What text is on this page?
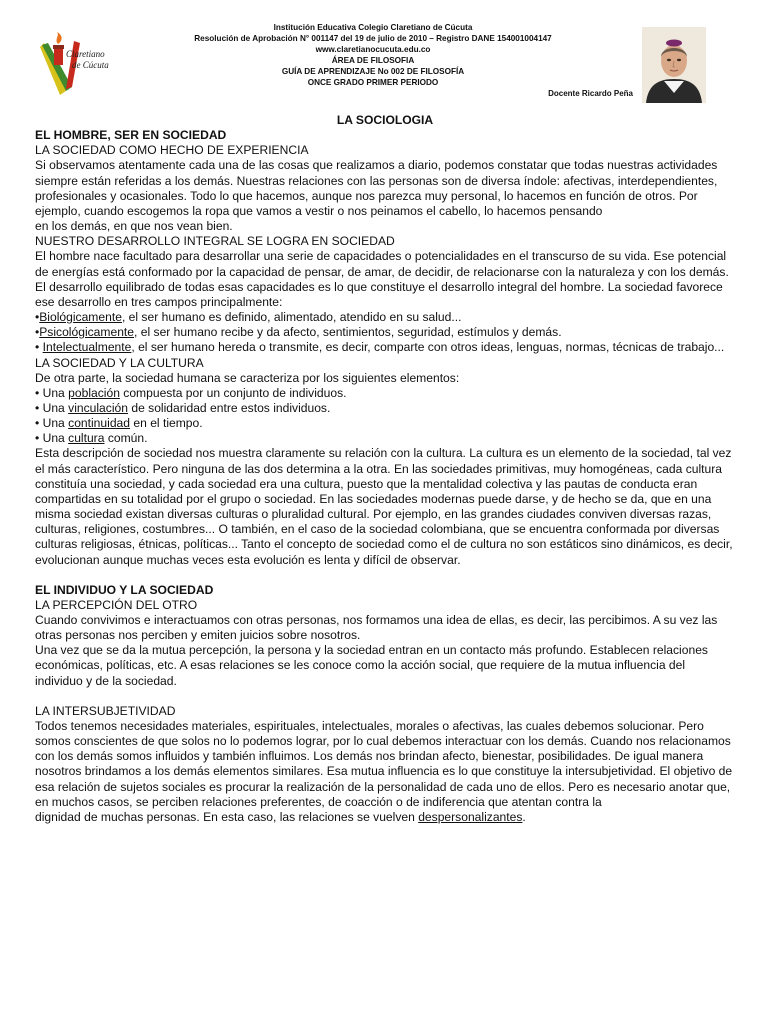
Claretiano
de Cúcuta
Institución Educativa Colegio Claretiano de Cúcuta
Resolución de Aprobación N° 001147 del 19 de julio de 2010 – Registro DANE 154001004147
www.claretianocucuta.edu.co
ÁREA DE FILOSOFIA
GUÍA DE APRENDIZAJE No 002 DE FILOSOFÍA
ONCE GRADO PRIMER PERIODO
Docente Ricardo Peña

LA SOCIOLOGIA

EL HOMBRE, SER EN SOCIEDAD

LA SOCIEDAD COMO HECHO DE EXPERIENCIA

Si observamos atentamente cada una de las cosas que realizamos a diario, podemos constatar que todas nuestras actividades siempre están referidas a los demás. Nuestras relaciones con las personas son de diversa índole: afectivas, interdependientes, profesionales y ocasionales. Todo lo que hacemos, aunque nos parezca muy personal, lo hacemos en función de otros. Por ejemplo, cuando escogemos la ropa que vamos a vestir o nos peinamos el cabello, lo hacemos pensando

en los demás, en que nos vean bien.

NUESTRO DESARROLLO INTEGRAL SE LOGRA EN SOCIEDAD

El hombre nace facultado para desarrollar una serie de capacidades o potencialidades en el transcurso de su vida. Ese potencial de energías está conformado por la capacidad de pensar, de amar, de decidir, de relacionarse con la naturaleza y con los demás. El desarrollo equilibrado de todas esas capacidades es lo que constituye el desarrollo integral del hombre. La sociedad favorece ese desarrollo en tres campos principalmente:

•Biológicamente, el ser humano es definido, alimentado, atendido en su salud...

•Psicológicamente, el ser humano recibe y da afecto, sentimientos, seguridad, estímulos y demás.

• Intelectualmente, el ser humano hereda o transmite, es decir, comparte con otros ideas, lenguas, normas, técnicas de trabajo...

LA SOCIEDAD Y LA CULTURA

De otra parte, la sociedad humana se caracteriza por los siguientes elementos:

• Una población compuesta por un conjunto de individuos.

• Una vinculación de solidaridad entre estos individuos.

• Una continuidad en el tiempo.

• Una cultura común.

Esta descripción de sociedad nos muestra claramente su relación con la cultura. La cultura es un elemento de la sociedad, tal vez el más característico. Pero ninguna de las dos determina a la otra. En las sociedades primitivas, muy homogéneas, cada cultura constituía una sociedad, y cada sociedad era una cultura, puesto que la mentalidad colectiva y las pautas de conducta eran compartidas en su totalidad por el grupo o sociedad. En las sociedades modernas puede darse, y de hecho se da, que en una misma sociedad existan diversas culturas o pluralidad cultural. Por ejemplo, en las grandes ciudades conviven diversas razas, culturas, religiones, costumbres... O también, en el caso de la sociedad colombiana, que se encuentra conformada por diversas culturas religiosas, étnicas, políticas... Tanto el concepto de sociedad como el de cultura no son estáticos sino dinámicos, es decir, evolucionan aunque muchas veces esta evolución es lenta y difícil de observar.

EL INDIVIDUO Y LA SOCIEDAD

LA PERCEPCIÓN DEL OTRO

Cuando convivimos e interactuamos con otras personas, nos formamos una idea de ellas, es decir, las percibimos. A su vez las otras personas nos perciben y emiten juicios sobre nosotros.

Una vez que se da la mutua percepción, la persona y la sociedad entran en un contacto más profundo. Establecen relaciones económicas, políticas, etc. A esas relaciones se les conoce como la acción social, que requiere de la mutua influencia del individuo y de la sociedad.

LA INTERSUBJETIVIDAD

Todos tenemos necesidades materiales, espirituales, intelectuales, morales o afectivas, las cuales debemos solucionar. Pero somos conscientes de que solos no lo podemos lograr, por lo cual debemos interactuar con los demás. Cuando nos relacionamos con los demás somos influidos y también influimos. Los demás nos brindan afecto, bienestar, posibilidades. De igual manera nosotros brindamos a los demás elementos similares. Esa mutua influencia es lo que constituye la intersubjetividad. El objetivo de esa relación de sujetos sociales es procurar la realización de la personalidad de cada uno de ellos. Pero es necesario anotar que, en muchos casos, se perciben relaciones preferentes, de coacción o de indiferencia que atentan contra la

dignidad de muchas personas. En esta caso, las relaciones se vuelven despersonalizantes.
